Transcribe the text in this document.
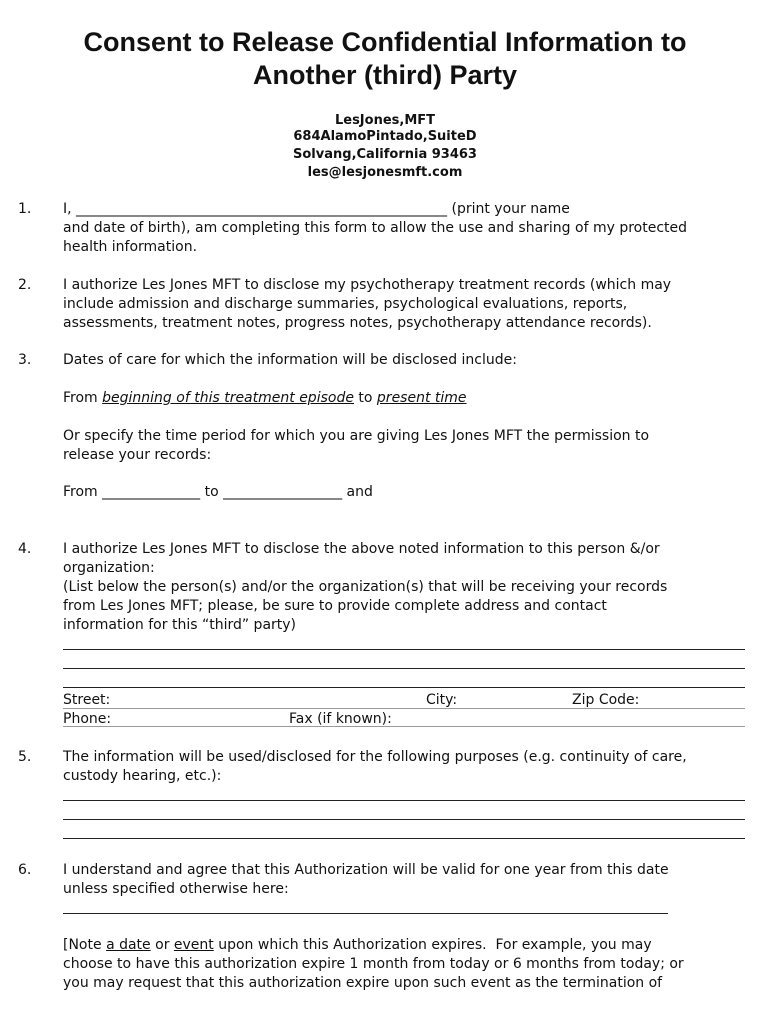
Consent to Release Confidential Information to
Another (third) Party
LesJones,MFT
684AlamoPintado,SuiteD
Solvang,California 93463
les@lesjonesmft.com
1. I, _____________________________________________________ (print your name
and date of birth), am completing this form to allow the use and sharing of my protected
health information.
2. I authorize Les Jones MFT to disclose my psychotherapy treatment records (which may
include admission and discharge summaries, psychological evaluations, reports,
assessments, treatment notes, progress notes, psychotherapy attendance records).
3. Dates of care for which the information will be disclosed include:
From beginning of this treatment episode to present time
Or specify the time period for which you are giving Les Jones MFT the permission to
release your records:
From ______________ to _________________ and
4. I authorize Les Jones MFT to disclose the above noted information to this person &/or
organization:
(List below the person(s) and/or the organization(s) that will be receiving your records
from Les Jones MFT; please, be sure to provide complete address and contact
information for this “third” party)
Street:	City:	Zip Code:
Phone:	Fax (if known):
5. The information will be used/disclosed for the following purposes (e.g. continuity of care,
custody hearing, etc.):
6. I understand and agree that this Authorization will be valid for one year from this date
unless specified otherwise here:
[Note a date or event upon which this Authorization expires.  For example, you may
choose to have this authorization expire 1 month from today or 6 months from today; or
you may request that this authorization expire upon such event as the termination of
